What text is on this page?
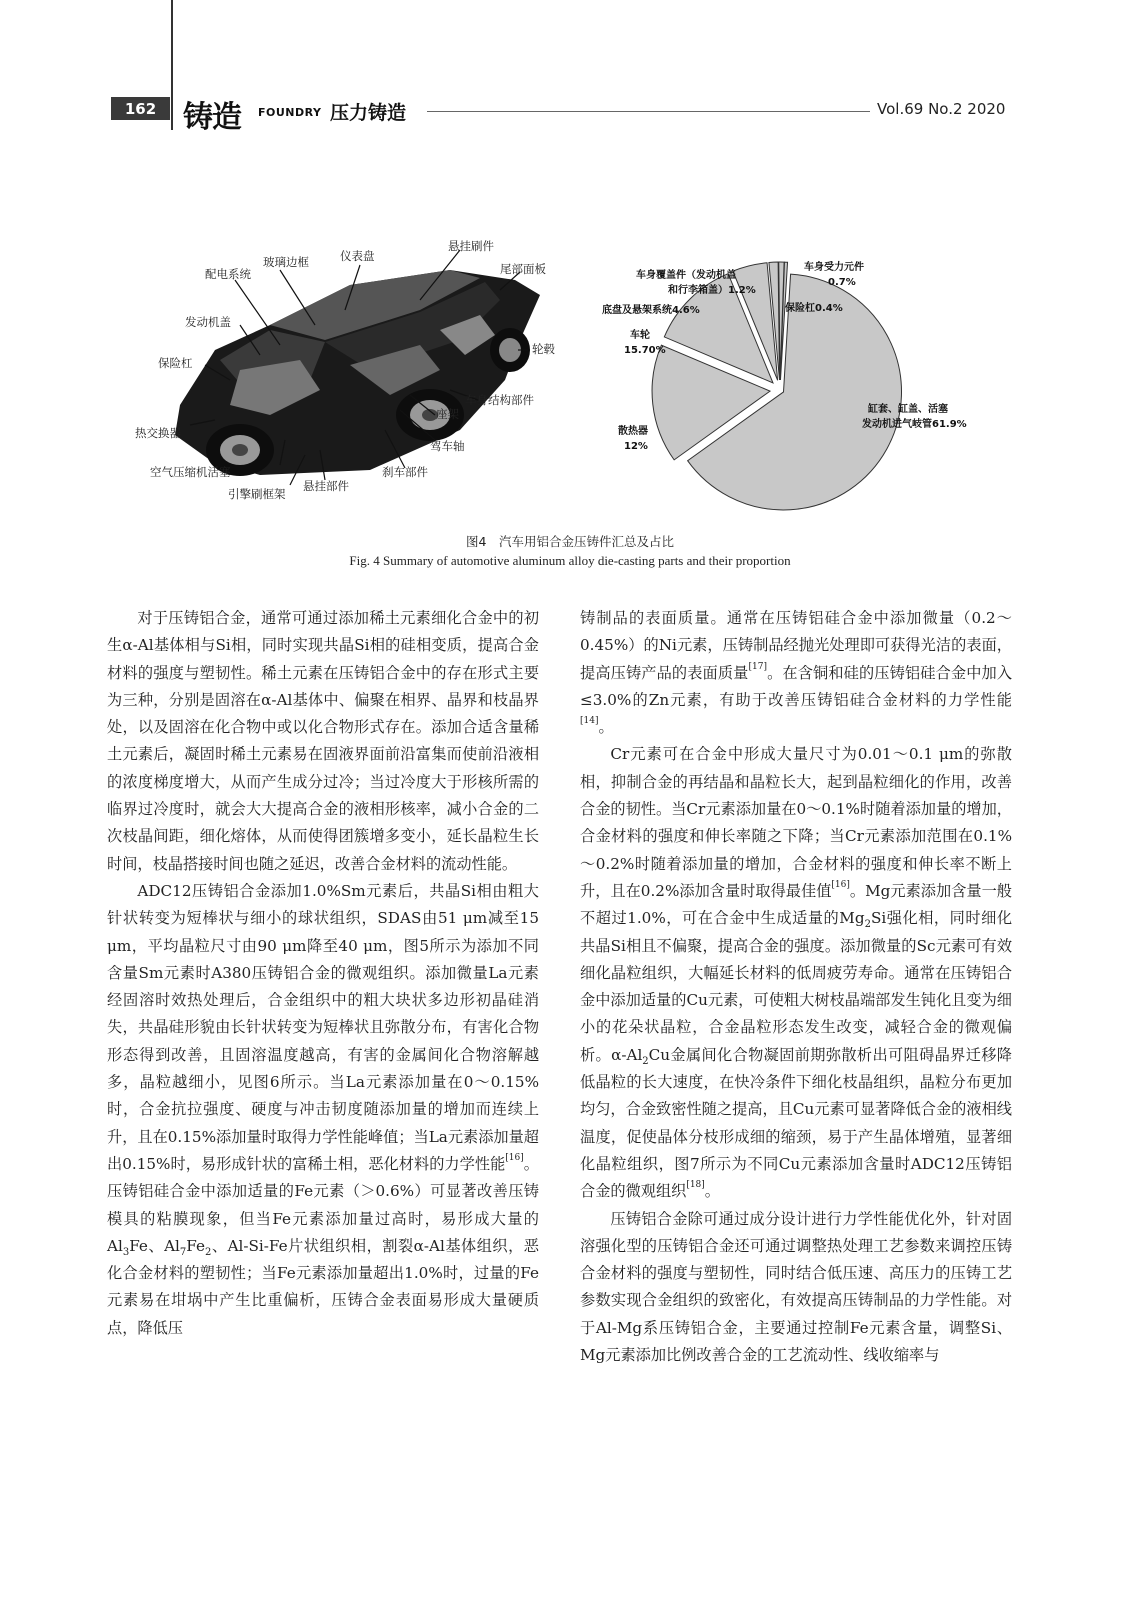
162 铸造 FOUNDRY 压力铸造	Vol.69 No.2 2020
配电系统
玻璃边框	仪表盘
悬挂刷件
尾部面板
发动机盖
轮毂
保险杠
车身结构部件
座架
热交换器
驾车轴
空气压缩机活塞	刹车部件
悬挂部件
引擎刷框架
车身覆盖件（发动机盖
和行李箱盖）1.2%
车身受力元件
0.7%
底盘及悬架系统4.6%	保险杠0.4%
车轮
15.70%
缸套、缸盖、活塞
发动机进气岐管61.9%
散热器
12%
图4　汽车用铝合金压铸件汇总及占比
Fig. 4 Summary of automotive aluminum alloy die-casting parts and their proportion

对于压铸铝合金，通常可通过添加稀土元素细化合金中的初生α-Al基体相与Si相，同时实现共晶Si相的硅相变质，提高合金材料的强度与塑韧性。稀土元素在压铸铝合金中的存在形式主要为三种，分别是固溶在α-Al基体中、偏聚在相界、晶界和枝晶界处，以及固溶在化合物中或以化合物形式存在。添加合适含量稀土元素后，凝固时稀土元素易在固液界面前沿富集而使前沿液相的浓度梯度增大，从而产生成分过冷；当过冷度大于形核所需的临界过冷度时，就会大大提高合金的液相形核率，减小合金的二次枝晶间距，细化熔体，从而使得团簇增多变小，延长晶粒生长时间，枝晶搭接时间也随之延迟，改善合金材料的流动性能。

ADC12压铸铝合金添加1.0%Sm元素后，共晶Si相由粗大针状转变为短棒状与细小的球状组织，SDAS由51 μm减至15 μm，平均晶粒尺寸由90 μm降至40 μm，图5所示为添加不同含量Sm元素时A380压铸铝合金的微观组织。添加微量La元素经固溶时效热处理后，合金组织中的粗大块状多边形初晶硅消失，共晶硅形貌由长针状转变为短棒状且弥散分布，有害化合物形态得到改善，且固溶温度越高，有害的金属间化合物溶解越多，晶粒越细小，见图6所示。当La元素添加量在0～0.15%时，合金抗拉强度、硬度与冲击韧度随添加量的增加而连续上升，且在0.15%添加量时取得力学性能峰值；当La元素添加量超出0.15%时，易形成针状的富稀土相，恶化材料的力学性能[16]。压铸铝硅合金中添加适量的Fe元素（＞0.6%）可显著改善压铸模具的粘膜现象，但当Fe元素添加量过高时，易形成大量的$Al_3Fe$、$Al_7Fe_2$、Al-Si-Fe片状组织相，割裂α-Al基体组织，恶化合金材料的塑韧性；当Fe元素添加量超出1.0%时，过量的Fe元素易在坩埚中产生比重偏析，压铸合金表面易形成大量硬质点，降低压

铸制品的表面质量。通常在压铸铝硅合金中添加微量（0.2～0.45%）的Ni元素，压铸制品经抛光处理即可获得光洁的表面，提高压铸产品的表面质量[17]。在含铜和硅的压铸铝硅合金中加入≤3.0%的Zn元素，有助于改善压铸铝硅合金材料的力学性能[14]。

Cr元素可在合金中形成大量尺寸为0.01～0.1 μm的弥散相，抑制合金的再结晶和晶粒长大，起到晶粒细化的作用，改善合金的韧性。当Cr元素添加量在0～0.1%时随着添加量的增加，合金材料的强度和伸长率随之下降；当Cr元素添加范围在0.1%～0.2%时随着添加量的增加，合金材料的强度和伸长率不断上升，且在0.2%添加含量时取得最佳值[16]。Mg元素添加含量一般不超过1.0%，可在合金中生成适量的$Mg_2Si$强化相，同时细化共晶Si相且不偏聚，提高合金的强度。添加微量的Sc元素可有效细化晶粒组织，大幅延长材料的低周疲劳寿命。通常在压铸铝合金中添加适量的Cu元素，可使粗大树枝晶端部发生钝化且变为细小的花朵状晶粒，合金晶粒形态发生改变，减轻合金的微观偏析。$\alpha-Al_2Cu$金属间化合物凝固前期弥散析出可阻碍晶界迁移降低晶粒的长大速度，在快冷条件下细化枝晶组织，晶粒分布更加均匀，合金致密性随之提高，且Cu元素可显著降低合金的液相线温度，促使晶体分枝形成细的缩颈，易于产生晶体增殖，显著细化晶粒组织，图7所示为不同Cu元素添加含量时ADC12压铸铝合金的微观组织[18]。

压铸铝合金除可通过成分设计进行力学性能优化外，针对固溶强化型的压铸铝合金还可通过调整热处理工艺参数来调控压铸合金材料的强度与塑韧性，同时结合低压速、高压力的压铸工艺参数实现合金组织的致密化，有效提高压铸制品的力学性能。对于Al-Mg系压铸铝合金，主要通过控制Fe元素含量，调整Si、Mg元素添加比例改善合金的工艺流动性、线收缩率与
